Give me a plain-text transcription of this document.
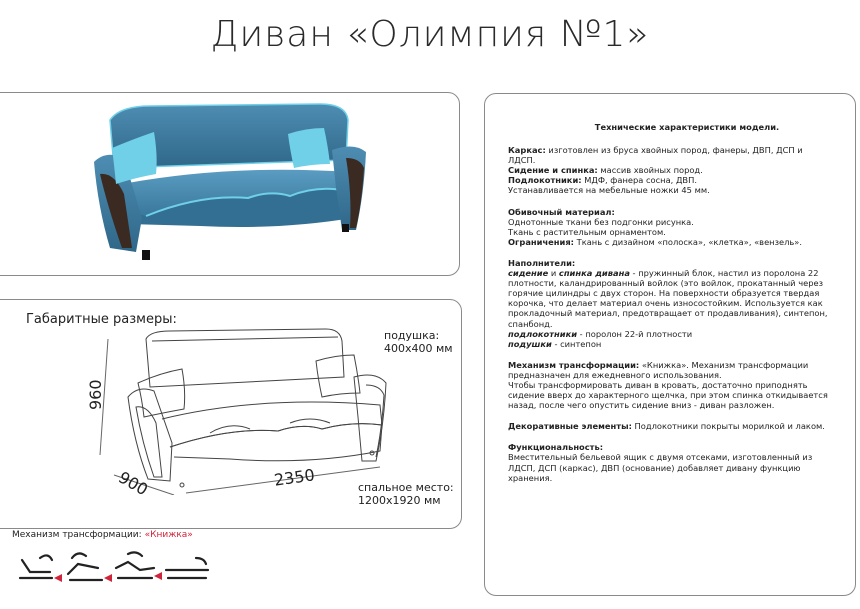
Диван «Олимпия №1»
Габаритные размеры:
960
900	2350
подушка:
400x400 мм
спальное место:
1200x1920 мм
Механизм трансформации: «Книжка»

Технические характеристики модели.

Каркас: изготовлен из бруса хвойных пород, фанеры, ДВП, ДСП и ЛДСП.

Сидение и спинка: массив хвойных пород.

Подлокотники: МДФ, фанера сосна, ДВП.

Устанавливается на мебельные ножки 45 мм.

Обивочный материал:

Однотонные ткани без подгонки рисунка.

Ткань с растительным орнаментом.

Ограничения: Ткань с дизайном «полоска», «клетка», «вензель».

Наполнители:

сидение и спинка дивана - пружинный блок, настил из поролона 22 плотности, каландрированный войлок (это войлок, прокатанный через горячие цилиндры с двух сторон. На поверхности образуется твердая корочка, что делает материал очень износостойким. Используется как прокладочный материал, предотвращает от продавливания), синтепон, спанбонд.

подлокотники - поролон 22-й плотности

подушки - синтепон

Механизм трансформации: «Книжка». Механизм трансформации предназначен для ежедневного использования.

Чтобы трансформировать диван в кровать, достаточно приподнять сидение вверх до характерного щелчка, при этом спинка откидывается назад, после чего опустить сидение вниз - диван разложен.

Декоративные элементы: Подлокотники покрыты морилкой и лаком.

Функциональность:

Вместительный бельевой ящик с двумя отсеками, изготовленный из ЛДСП, ДСП (каркас), ДВП (основание) добавляет дивану функцию хранения.
